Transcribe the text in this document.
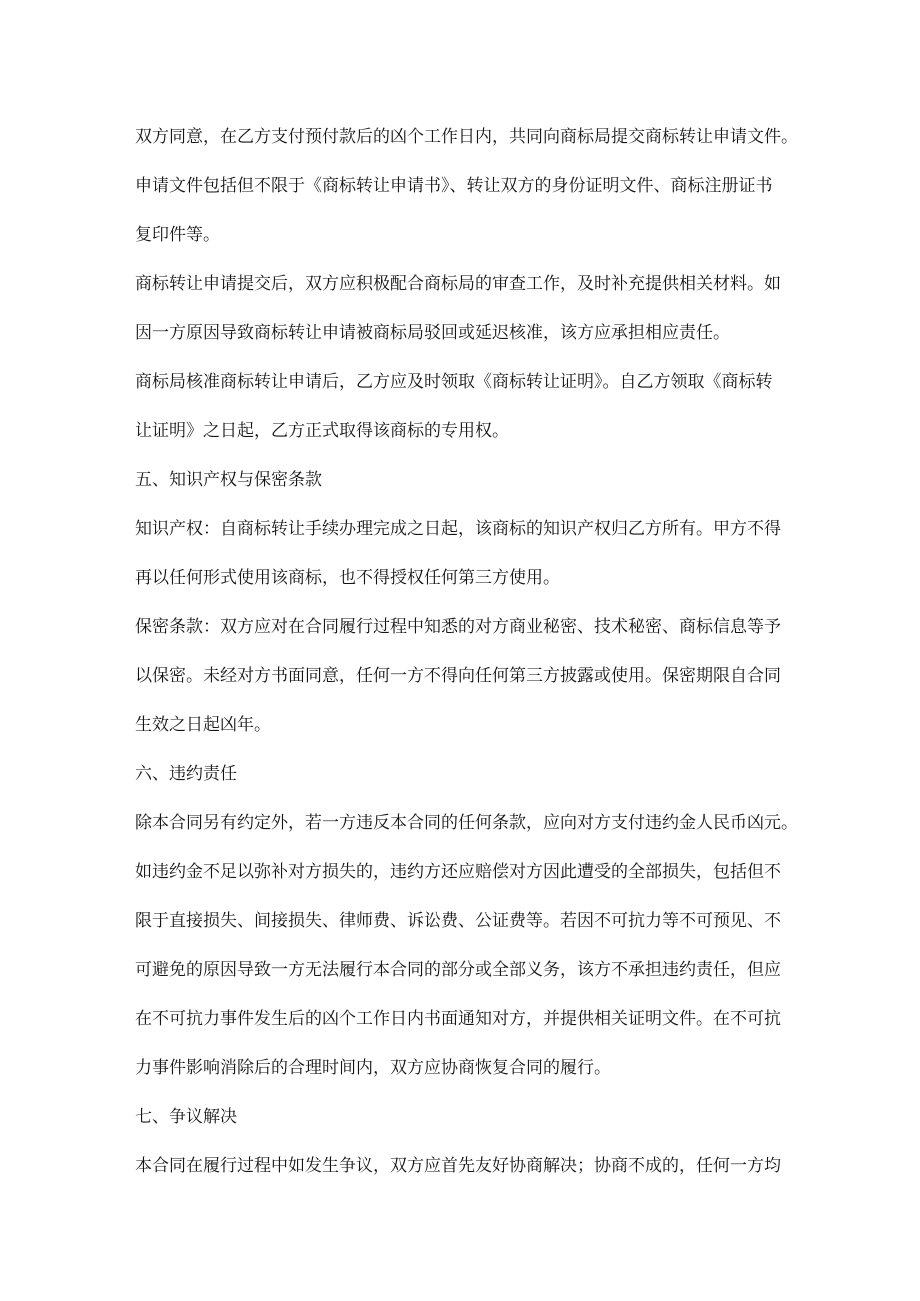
双方同意，在乙方支付预付款后的凶个工作日内，共同向商标局提交商标转让申请文件。
申请文件包括但不限于《商标转让申请书》、转让双方的身份证明文件、商标注册证书
复印件等。
商标转让申请提交后，双方应积极配合商标局的审查工作，及时补充提供相关材料。如
因一方原因导致商标转让申请被商标局驳回或延迟核准，该方应承担相应责任。
商标局核准商标转让申请后，乙方应及时领取《商标转让证明》。自乙方领取《商标转
让证明》之日起，乙方正式取得该商标的专用权。
五、知识产权与保密条款
知识产权：自商标转让手续办理完成之日起，该商标的知识产权归乙方所有。甲方不得
再以任何形式使用该商标，也不得授权任何第三方使用。
保密条款：双方应对在合同履行过程中知悉的对方商业秘密、技术秘密、商标信息等予
以保密。未经对方书面同意，任何一方不得向任何第三方披露或使用。保密期限自合同
生效之日起凶年。
六、违约责任
除本合同另有约定外，若一方违反本合同的任何条款，应向对方支付违约金人民币凶元。
如违约金不足以弥补对方损失的，违约方还应赔偿对方因此遭受的全部损失，包括但不
限于直接损失、间接损失、律师费、诉讼费、公证费等。若因不可抗力等不可预见、不
可避免的原因导致一方无法履行本合同的部分或全部义务，该方不承担违约责任，但应
在不可抗力事件发生后的凶个工作日内书面通知对方，并提供相关证明文件。在不可抗
力事件影响消除后的合理时间内，双方应协商恢复合同的履行。
七、争议解决
本合同在履行过程中如发生争议，双方应首先友好协商解决；协商不成的，任何一方均
